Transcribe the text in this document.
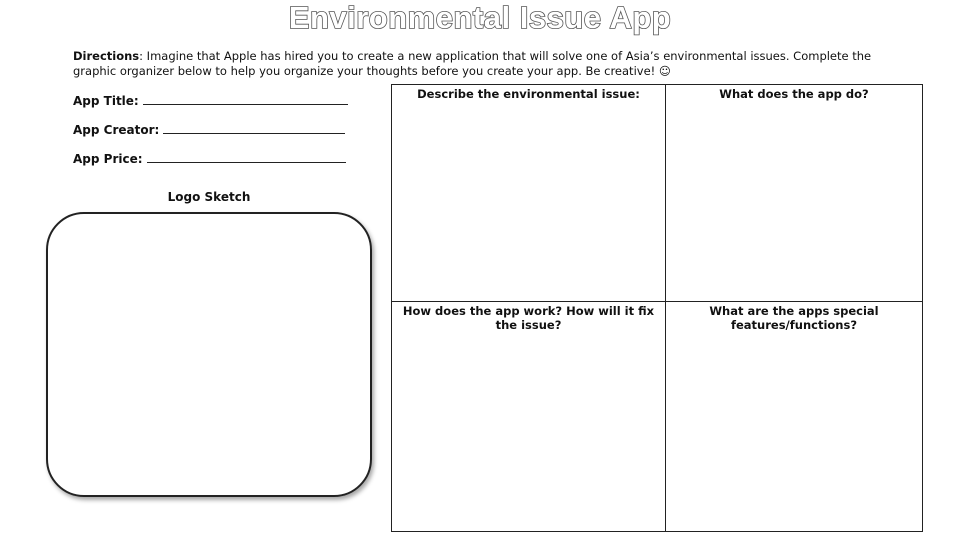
Environmental Issue App
Directions: Imagine that Apple has hired you to create a new application that will solve one of Asia’s environmental issues. Complete the graphic organizer below to help you organize your thoughts before you create your app. Be creative! ☺
App Title:
App Creator:
App Price:
Logo Sketch
Describe the environmental issue:	What does the app do?
How does the app work? How will it fix the issue?
What are the apps special features/functions?
